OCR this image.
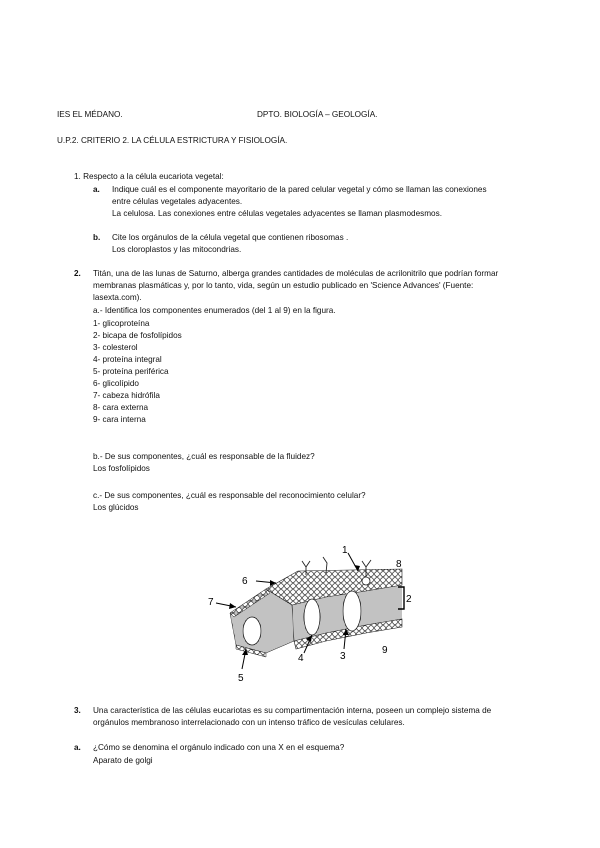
IES EL MÉDANO.	DPTO. BIOLOGÍA – GEOLOGÍA.
U.P.2. CRITERIO 2. LA CÉLULA ESTRICTURA Y FISIOLOGÍA.
1. Respecto a la célula eucariota vegetal:
a. Indique cuál es el componente mayoritario de la pared celular vegetal y cómo se llaman las conexiones
entre células vegetales adyacentes.
La celulosa. Las conexiones entre células vegetales adyacentes se llaman plasmodesmos.
b. Cite los orgánulos de la célula vegetal que contienen ribosomas .
Los cloroplastos y las mitocondrias.
2. Titán, una de las lunas de Saturno, alberga grandes cantidades de moléculas de acrilonitrilo que podrían formar
membranas plasmáticas y, por lo tanto, vida, según un estudio publicado en 'Science Advances' (Fuente:
lasexta.com).
a.- Identifica los componentes enumerados (del 1 al 9) en la figura.
1- glicoproteína
2- bicapa de fosfolípidos
3- colesterol
4- proteína integral
5- proteína periférica
6- glicolípido
7- cabeza hidrófila
8- cara externa
9- cara interna
b.- De sus componentes, ¿cuál es responsable de la fluidez?
Los fosfolípidos
c.- De sus componentes, ¿cuál es responsable del reconocimiento celular?
Los glúcidos
1
2
3
4
5
6
7
8
9
3. Una característica de las células eucariotas es su compartimentación interna, poseen un complejo sistema de
orgánulos membranoso interrelacionado con un intenso tráfico de vesículas celulares.
a. ¿Cómo se denomina el orgánulo indicado con una X en el esquema?
Aparato de golgi
